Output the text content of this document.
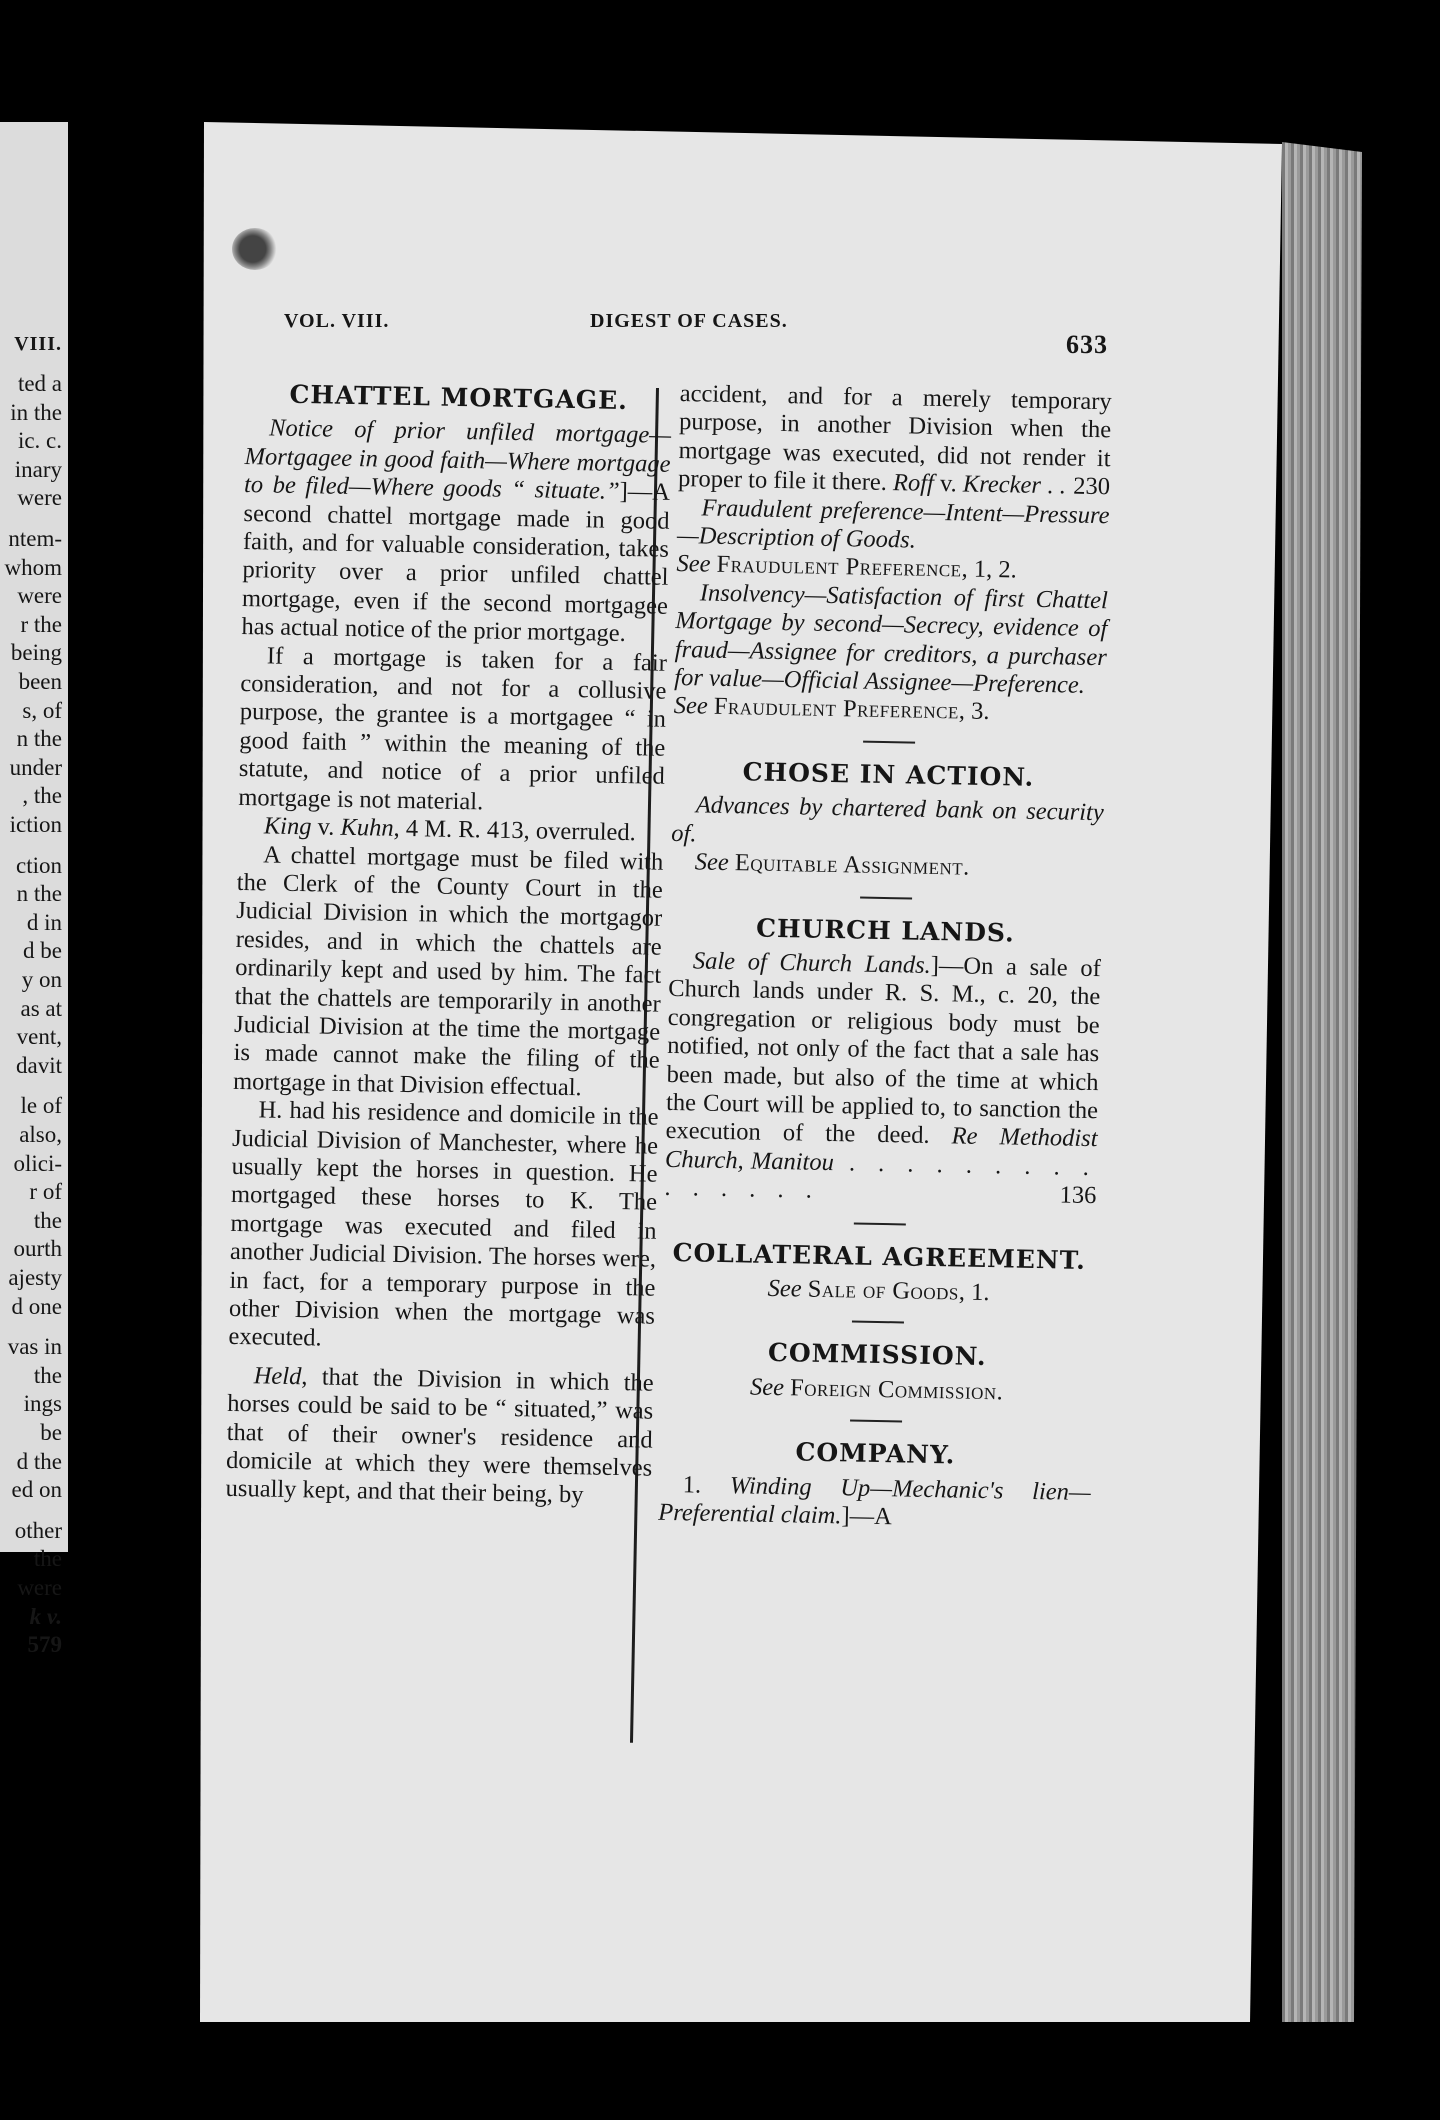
VIII.
ted a
in the
ic. c.
inary
were
ntem-
whom
were
r the
being
been
s, of
n the
under
, the
iction
ction
n the
d in
d be
y on
as at
vent,
davit
le of
also,
olici-
r of
the
ourth
ajesty
d one
vas in
the
ings
be
d the
ed on
other
the
were
k v.
579
VOL. VIII.	DIGEST OF CASES.
633
CHATTEL MORTGAGE.

Notice of prior unfiled mortgage—Mortgagee in good faith—Where mortgage to be filed—Where goods “ situate.”]—A second chattel mortgage made in good faith, and for valuable consideration, takes priority over a prior unfiled chattel mortgage, even if the second mortgagee has actual notice of the prior mortgage.

If a mortgage is taken for a fair consideration, and not for a collusive purpose, the grantee is a mortgagee “ in good faith ” within the meaning of the statute, and notice of a prior unfiled mortgage is not material.

King v. Kuhn, 4 M. R. 413, overruled.

A chattel mortgage must be filed with the Clerk of the County Court in the Judicial Division in which the mortgagor resides, and in which the chattels are ordinarily kept and used by him. The fact that the chattels are temporarily in another Judicial Division at the time the mortgage is made cannot make the filing of the mortgage in that Division effectual.

H. had his residence and domicile in the Judicial Division of Manchester, where he usually kept the horses in question. He mortgaged these horses to K. The mortgage was executed and filed in another Judicial Division. The horses were, in fact, for a temporary purpose in the other Division when the mortgage was executed.

Held, that the Division in which the horses could be said to be “ situated,” was that of their owner's residence and domicile at which they were themselves usually kept, and that their being, by

accident, and for a merely temporary purpose, in another Division when the mortgage was executed, did not render it proper to file it there. Roff v. Krecker . . 230

Fraudulent preference—Intent—Pressure—Description of Goods.

See Fraudulent Preference, 1, 2.

Insolvency—Satisfaction of first Chattel Mortgage by second—Secrecy, evidence of fraud—Assignee for creditors, a purchaser for value—Official Assignee—Preference.

See Fraudulent Preference, 3.

CHOSE IN ACTION.

Advances by chartered bank on security of.

See Equitable Assignment.

CHURCH LANDS.

Sale of Church Lands.]—On a sale of Church lands under R. S. M., c. 20, the congregation or religious body must be notified, not only of the fact that a sale has been made, but also of the time at which the Court will be applied to, to sanction the execution of the deed. Re Methodist Church, Manitou . . . . . . . . . . . . . . .	136

COLLATERAL AGREEMENT.

See Sale of Goods, 1.

COMMISSION.

See Foreign Commission.

COMPANY.

1. Winding Up—Mechanic's lien—Preferential claim.]—A
